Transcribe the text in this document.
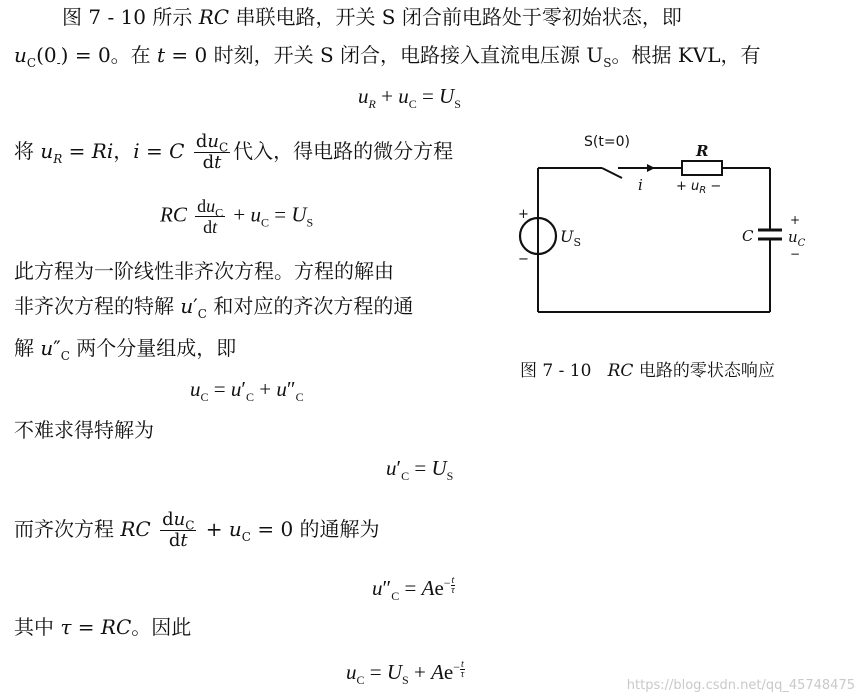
图 7 - 10 所示 RC 串联电路，开关 S 闭合前电路处于零初始状态，即
$u_C(0_-) = 0$。在 t = 0 时刻，开关 S 闭合，电路接入直流电压源 $U_S$。根据 KVL，有
$u_R + u_C = U_S$
将 $u_R = Ri$，i = C $\frac{du_C}{dt}$ 代入，得电路的微分方程
RC $\frac{du_C}{dt} + u_C = U_S$
此方程为一阶线性非齐次方程。方程的解由
非齐次方程的特解 $u'_C$ 和对应的齐次方程的通
解 $u''_C$ 两个分量组成，即
$u_C = u'_C + u''_C$
不难求得特解为
$u'_C = U_S$
而齐次方程 RC $\frac{du_C}{dt} + u_C = 0$ 的通解为
$u''_C = Ae^- \frac{t}{\tau}$
其中 τ = RC。因此
$u_C = U_S + Ae^- \frac{t}{\tau}$
S(t=0)	R
+ $u_R$ −
i
+
−
$U_S$	C
+
$u_C$
−
图 7 - 10   RC 电路的零状态响应
https://blog.csdn.net/qq_45748475
